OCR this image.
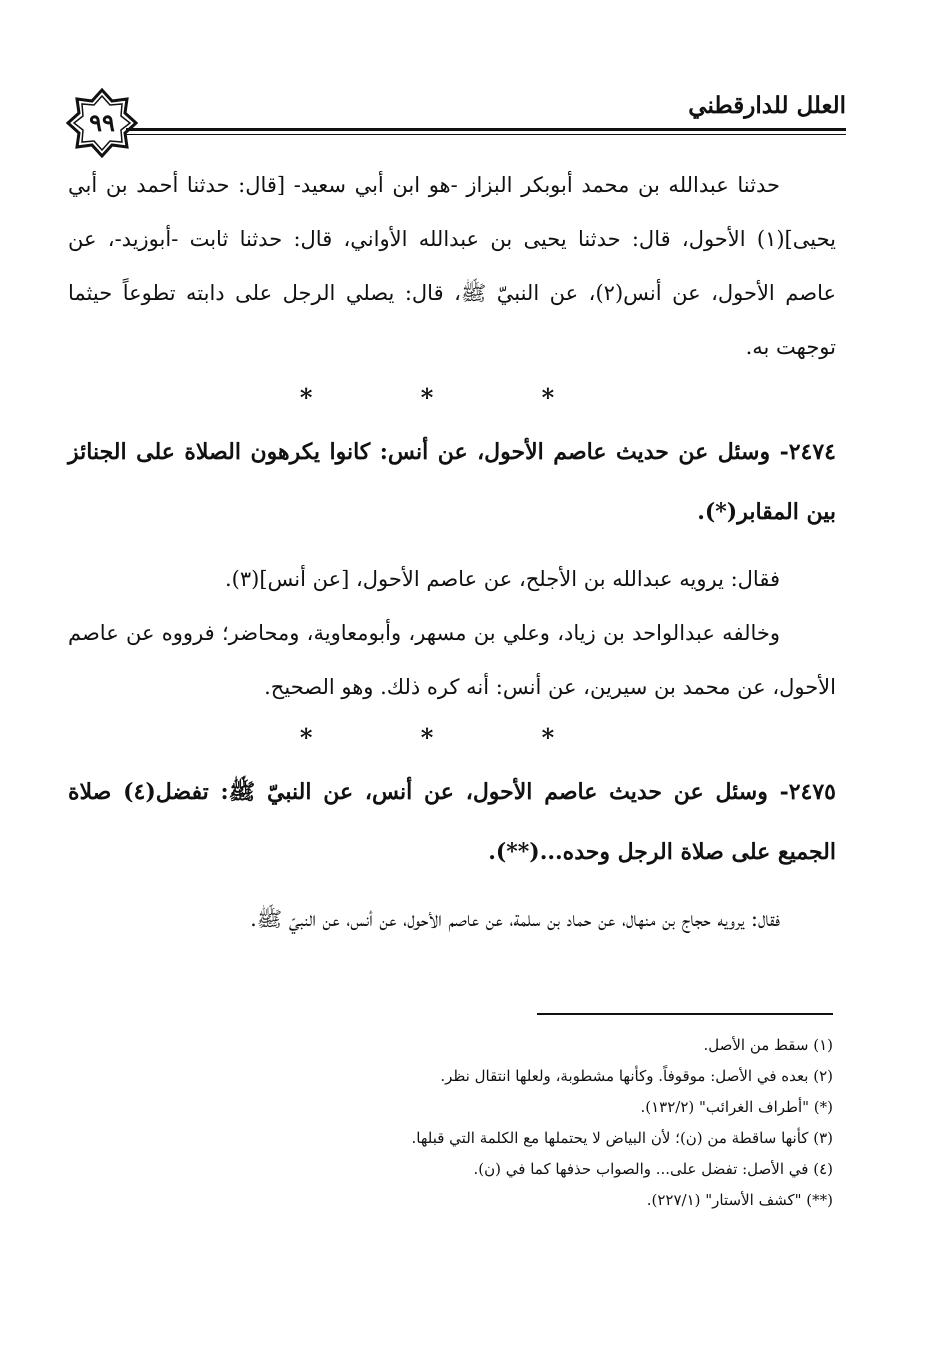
٩٩
العلل للدارقطني

حدثنا عبدالله بن محمد أبوبكر البزاز -هو ابن أبي سعيد- [قال: حدثنا أحمد بن أبي يحيى](١) الأحول، قال: حدثنا يحيى بن عبدالله الأواني، قال: حدثنا ثابت -أبوزيد-، عن عاصم الأحول، عن أنس(٢)، عن النبيّ ﷺ، قال: يصلي الرجل على دابته تطوعاً حيثما توجهت به.

* * *

٢٤٧٤- وسئل عن حديث عاصم الأحول، عن أنس: كانوا يكرهون الصلاة على الجنائز بين المقابر(*).

فقال: يرويه عبدالله بن الأجلح، عن عاصم الأحول، [عن أنس](٣).

وخالفه عبدالواحد بن زياد، وعلي بن مسهر، وأبومعاوية، ومحاضر؛ فرووه عن عاصم الأحول، عن محمد بن سيرين، عن أنس: أنه كره ذلك. وهو الصحيح.

* * *

٢٤٧٥- وسئل عن حديث عاصم الأحول، عن أنس، عن النبيّ ﷺ: تفضل(٤) صلاة الجميع على صلاة الرجل وحده...(**).

فقال: يرويه حجاج بن منهال، عن حماد بن سلمة، عن عاصم الأحول، عن أنس، عن النبيّ ﷺ.

(١) سقط من الأصل.

(٢) بعده في الأصل: موقوفاً. وكأنها مشطوبة، ولعلها انتقال نظر.

(*) "أطراف الغرائب" (١٣٢/٢).

(٣) كأنها ساقطة من (ن)؛ لأن البياض لا يحتملها مع الكلمة التي قبلها.

(٤) في الأصل: تفضل على... والصواب حذفها كما في (ن).

(**) "كشف الأستار" (٢٢٧/١).
